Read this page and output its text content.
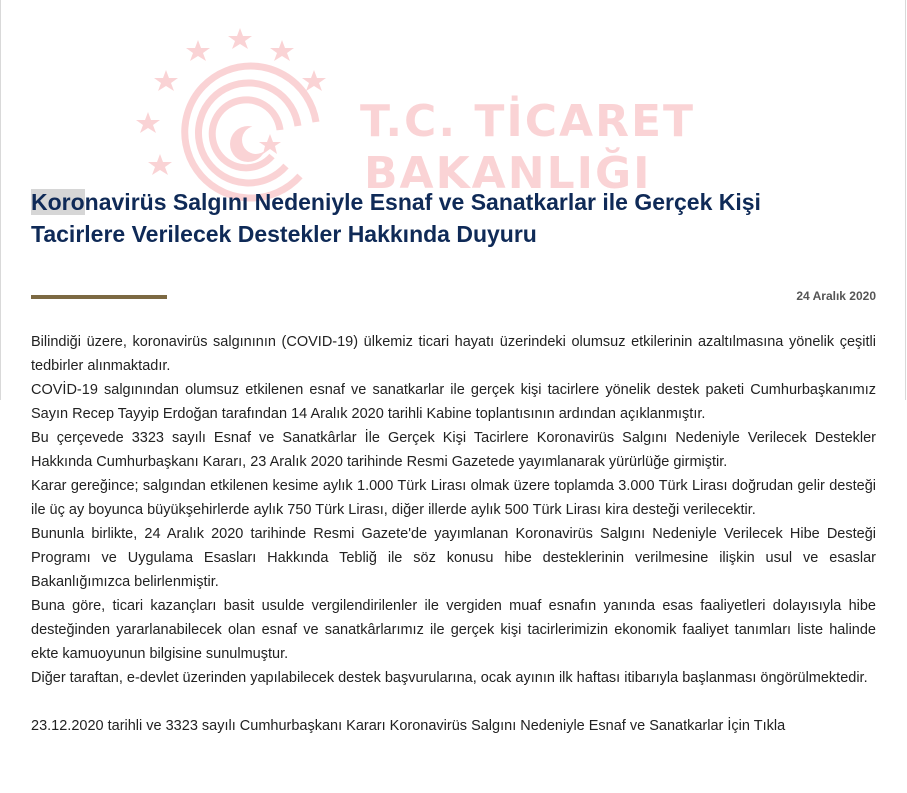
T.C. TİCARET
BAKANLIĞI
Koronavirüs Salgını Nedeniyle Esnaf ve Sanatkarlar ile Gerçek Kişi Tacirlere Verilecek Destekler Hakkında Duyuru
24 Aralık 2020

Bilindiği üzere, koronavirüs salgınının (COVID-19) ülkemiz ticari hayatı üzerindeki olumsuz etkilerinin azaltılmasına yönelik çeşitli tedbirler alınmaktadır.

COVİD-19 salgınından olumsuz etkilenen esnaf ve sanatkarlar ile gerçek kişi tacirlere yönelik destek paketi Cumhurbaşkanımız Sayın Recep Tayyip Erdoğan tarafından 14 Aralık 2020 tarihli Kabine toplantısının ardından açıklanmıştır.

Bu çerçevede 3323 sayılı Esnaf ve Sanatkârlar İle Gerçek Kişi Tacirlere Koronavirüs Salgını Nedeniyle Verilecek Destekler Hakkında Cumhurbaşkanı Kararı, 23 Aralık 2020 tarihinde Resmi Gazetede yayımlanarak yürürlüğe girmiştir.

Karar gereğince; salgından etkilenen kesime aylık 1.000 Türk Lirası olmak üzere toplamda 3.000 Türk Lirası doğrudan gelir desteği ile üç ay boyunca büyükşehirlerde aylık 750 Türk Lirası, diğer illerde aylık 500 Türk Lirası kira desteği verilecektir.

Bununla birlikte, 24 Aralık 2020 tarihinde Resmi Gazete'de yayımlanan Koronavirüs Salgını Nedeniyle Verilecek Hibe Desteği Programı ve Uygulama Esasları Hakkında Tebliğ ile söz konusu hibe desteklerinin verilmesine ilişkin usul ve esaslar Bakanlığımızca belirlenmiştir.

Buna göre, ticari kazançları basit usulde vergilendirilenler ile vergiden muaf esnafın yanında esas faaliyetleri dolayısıyla hibe desteğinden yararlanabilecek olan esnaf ve sanatkârlarımız ile gerçek kişi tacirlerimizin ekonomik faaliyet tanımları liste halinde ekte kamuoyunun bilgisine sunulmuştur.

Diğer taraftan, e-devlet üzerinden yapılabilecek destek başvurularına, ocak ayının ilk haftası itibarıyla başlanması öngörülmektedir.

23.12.2020 tarihli ve 3323 sayılı Cumhurbaşkanı Kararı Koronavirüs Salgını Nedeniyle Esnaf ve Sanatkarlar İçin Tıkla
